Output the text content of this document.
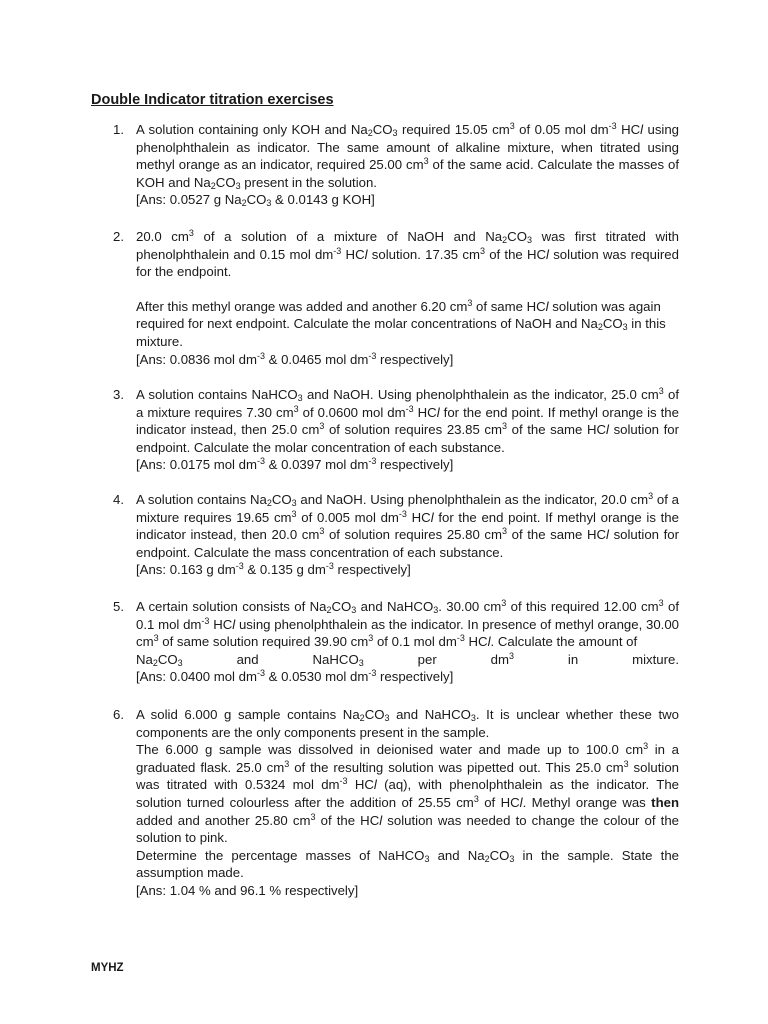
Double Indicator titration exercises
1. A solution containing only KOH and $Na_2CO_3$ required 15.05 $cm^3$ of 0.05 mol $dm^{-3}$ HCl using phenolphthalein as indicator. The same amount of alkaline mixture, when titrated using methyl orange as an indicator, required 25.00 $cm^3$ of the same acid. Calculate the masses of KOH and $Na_2CO_3$ present in the solution.

[Ans: 0.0527 g $Na_2CO_3$ & 0.0143 g KOH]

2. 20.0 $cm^3$ of a solution of a mixture of NaOH and $Na_2CO_3$ was first titrated with phenolphthalein and 0.15 mol $dm^{-3}$ HCl solution. 17.35 $cm^3$ of the HCl solution was required for the endpoint.

After this methyl orange was added and another 6.20 $cm^3$ of same HCl solution was again required for next endpoint. Calculate the molar concentrations of NaOH and $Na_2CO_3$ in this mixture.

[Ans: 0.0836 mol $dm^{-3}$ & 0.0465 mol $dm^{-3}$ respectively]

3. A solution contains NaHCO$_3$ and NaOH. Using phenolphthalein as the indicator, 25.0 $cm^3$ of a mixture requires 7.30 $cm^3$ of 0.0600 mol $dm^{-3}$ HCl for the end point. If methyl orange is the indicator instead, then 25.0 $cm^3$ of solution requires 23.85 $cm^3$ of the same HCl solution for endpoint. Calculate the molar concentration of each substance.

[Ans: 0.0175 mol $dm^{-3}$ & 0.0397 mol $dm^{-3}$ respectively]

4. A solution contains $Na_2CO_3$ and NaOH. Using phenolphthalein as the indicator, 20.0 $cm^3$ of a mixture requires 19.65 $cm^3$ of 0.005 mol $dm^{-3}$ HCl for the end point. If methyl orange is the indicator instead, then 20.0 $cm^3$ of solution requires 25.80 $cm^3$ of the same HCl solution for endpoint. Calculate the mass concentration of each substance.

[Ans: 0.163 g $dm^{-3}$ & 0.135 g $dm^{-3}$ respectively]

5. A certain solution consists of $Na_2CO_3$ and NaHCO$_3$. 30.00 $cm^3$ of this required 12.00 $cm^3$ of 0.1 mol $dm^{-3}$ HCl using phenolphthalein as the indicator. In presence of methyl orange, 30.00 $cm^3$ of same solution required 39.90 $cm^3$ of 0.1 mol $dm^{-3}$ HCl. Calculate the amount of

$Na_2CO_3$ and NaHCO$_3$ per $dm^3$ in mixture.

[Ans: 0.0400 mol $dm^{-3}$ & 0.0530 mol $dm^{-3}$ respectively]

6. A solid 6.000 g sample contains $Na_2CO_3$ and NaHCO$_3$. It is unclear whether these two components are the only components present in the sample.

The 6.000 g sample was dissolved in deionised water and made up to 100.0 $cm^3$ in a graduated flask. 25.0 $cm^3$ of the resulting solution was pipetted out. This 25.0 $cm^3$ solution was titrated with 0.5324 mol $dm^{-3}$ HCl (aq), with phenolphthalein as the indicator. The solution turned colourless after the addition of 25.55 $cm^3$ of HCl. Methyl orange was then added and another 25.80 $cm^3$ of the HCl solution was needed to change the colour of the solution to pink.

Determine the percentage masses of NaHCO$_3$ and $Na_2CO_3$ in the sample. State the assumption made.

[Ans: 1.04 % and 96.1 % respectively]

MYHZ
